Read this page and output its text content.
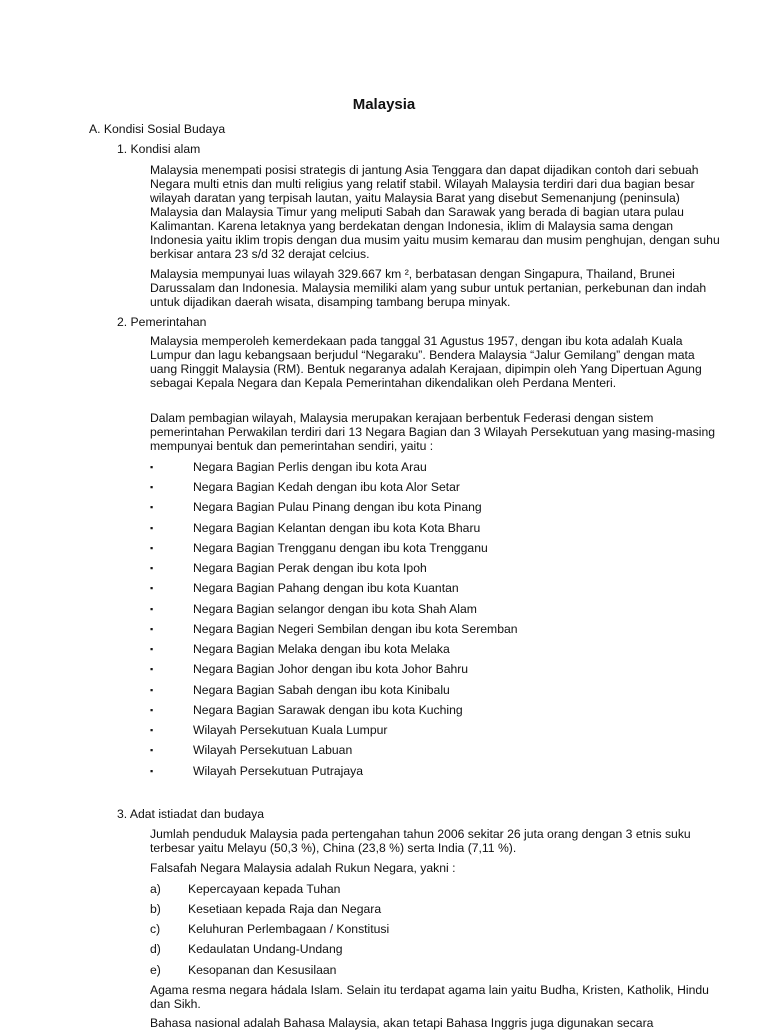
Malaysia
A. Kondisi Sosial Budaya
1. Kondisi alam

Malaysia menempati posisi strategis di jantung Asia Tenggara dan dapat dijadikan contoh dari sebuah Negara multi etnis dan multi religius yang relatif stabil. Wilayah Malaysia terdiri dari dua bagian besar wilayah daratan yang terpisah lautan, yaitu Malaysia Barat yang disebut Semenanjung (peninsula) Malaysia dan Malaysia Timur yang meliputi Sabah dan Sarawak yang berada di bagian utara pulau Kalimantan. Karena letaknya yang berdekatan dengan Indonesia, iklim di Malaysia sama dengan Indonesia yaitu iklim tropis dengan dua musim yaitu musim kemarau dan musim penghujan, dengan suhu berkisar antara 23 s/d 32 derajat celcius.

Malaysia mempunyai luas wilayah 329.667 km ², berbatasan dengan Singapura, Thailand, Brunei Darussalam dan Indonesia. Malaysia memiliki alam yang subur untuk pertanian, perkebunan dan indah untuk dijadikan daerah wisata, disamping tambang berupa minyak.

2. Pemerintahan

Malaysia memperoleh kemerdekaan pada tanggal 31 Agustus 1957, dengan ibu kota adalah Kuala Lumpur dan lagu kebangsaan berjudul “Negaraku”. Bendera Malaysia “Jalur Gemilang” dengan mata uang Ringgit Malaysia (RM). Bentuk negaranya adalah Kerajaan, dipimpin oleh Yang Dipertuan Agung sebagai Kepala Negara dan Kepala Pemerintahan dikendalikan oleh Perdana Menteri.

Dalam pembagian wilayah, Malaysia merupakan kerajaan berbentuk Federasi dengan sistem pemerintahan Perwakilan terdiri dari 13 Negara Bagian dan 3 Wilayah Persekutuan yang masing-masing mempunyai bentuk dan pemerintahan sendiri, yaitu :

▪	Negara Bagian Perlis dengan ibu kota Arau
▪	Negara Bagian Kedah dengan ibu kota Alor Setar
▪	Negara Bagian Pulau Pinang dengan ibu kota Pinang
▪	Negara Bagian Kelantan dengan ibu kota Kota Bharu
▪	Negara Bagian Trengganu dengan ibu kota Trengganu
▪	Negara Bagian Perak dengan ibu kota Ipoh
▪	Negara Bagian Pahang dengan ibu kota Kuantan
▪	Negara Bagian selangor dengan ibu kota Shah Alam
▪	Negara Bagian Negeri Sembilan dengan ibu kota Seremban
▪	Negara Bagian Melaka dengan ibu kota Melaka
▪	Negara Bagian Johor dengan ibu kota Johor Bahru
▪	Negara Bagian Sabah dengan ibu kota Kinibalu
▪	Negara Bagian Sarawak dengan ibu kota Kuching
▪	Wilayah Persekutuan Kuala Lumpur
▪	Wilayah Persekutuan Labuan
▪	Wilayah Persekutuan Putrajaya
3. Adat istiadat dan budaya

Jumlah penduduk Malaysia pada pertengahan tahun 2006 sekitar 26 juta orang dengan 3 etnis suku terbesar yaitu Melayu (50,3 %), China (23,8 %) serta India (7,11 %).

Falsafah Negara Malaysia adalah Rukun Negara, yakni :

a) Kepercayaan kepada Tuhan
b) Kesetiaan kepada Raja dan Negara
c) Keluhuran Perlembagaan / Konstitusi
d) Kedaulatan Undang-Undang
e) Kesopanan dan Kesusilaan

Agama resma negara hádala Islam. Selain itu terdapat agama lain yaitu Budha, Kristen, Katholik, Hindu dan Sikh.

Bahasa nasional adalah Bahasa Malaysia, akan tetapi Bahasa Inggris juga digunakan secara
